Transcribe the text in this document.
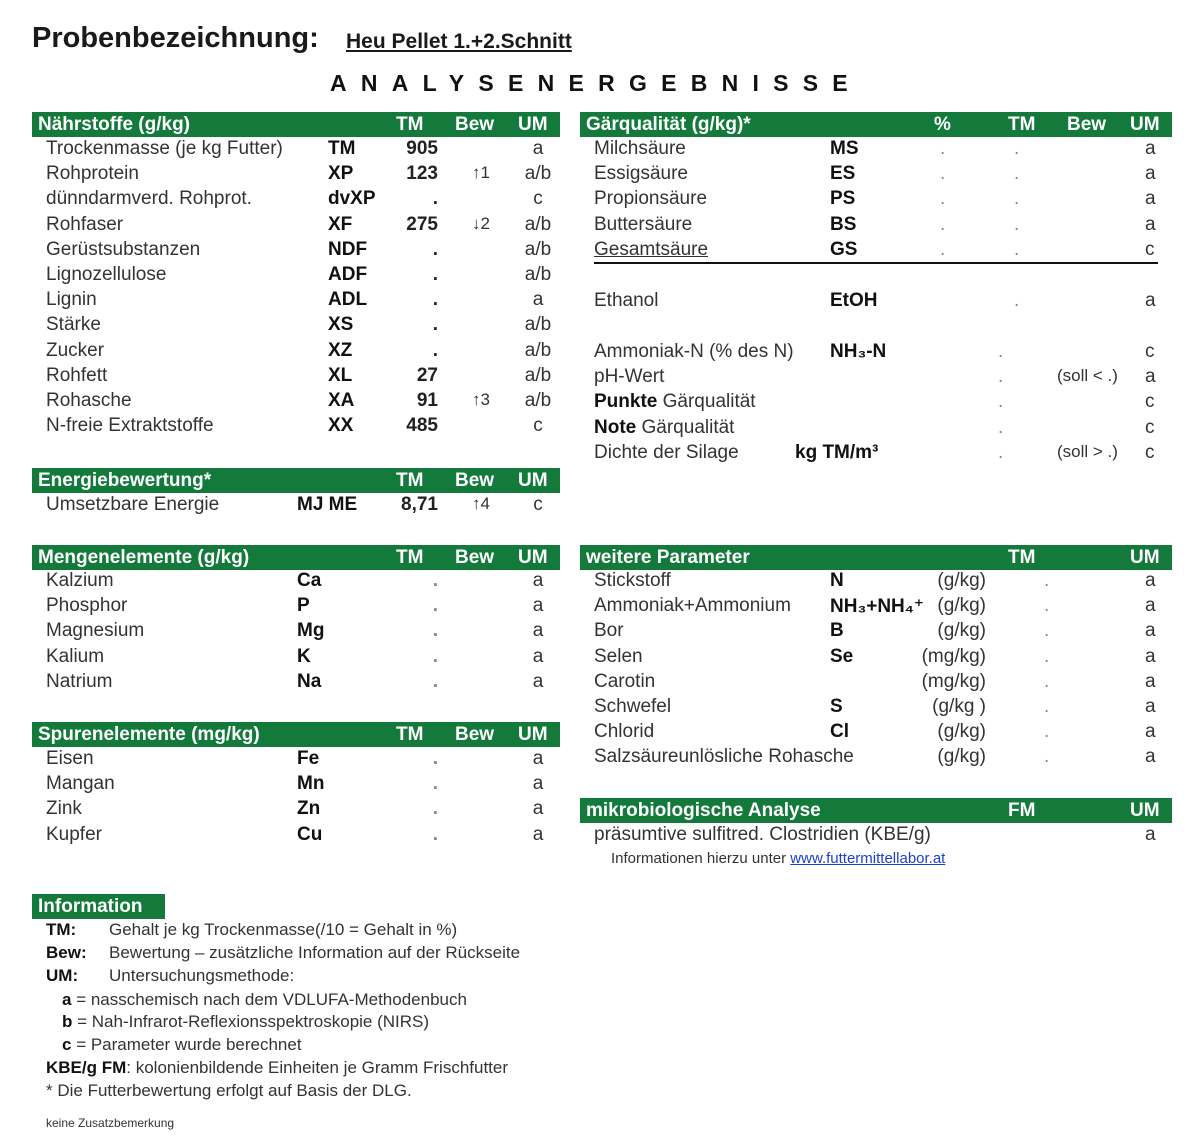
Probenbezeichnung: Heu Pellet 1.+2.Schnitt
ANALYSENERGEBNISSE
Nährstoffe (g/kg)	TM Bew UM
Trockenmasse (je kg Futter) TM	905	a
Rohprotein	XP	123 ↑1 a/b
dünndarmverd. Rohprot.	dvXP	.	c
Rohfaser	XF	275 ↓2 a/b
Gerüstsubstanzen	NDF	.	a/b
Lignozellulose	ADF	.	a/b
Lignin	ADL	.	a
Stärke	XS	.	a/b
Zucker	XZ	.	a/b
Rohfett	XL	27	a/b
Rohasche	XA	91 ↑3 a/b
N-freie Extraktstoffe	XX	485	c
Energiebewertung*	TM Bew UM
Umsetzbare Energie	MJ ME	8,71 ↑4	c
Mengenelemente (g/kg)	TM Bew UM
Kalzium	Ca	.	a
Phosphor	P	.	a
Magnesium	Mg	.	a
Kalium	K	.	a
Natrium	Na	.	a
Spurenelemente (mg/kg)	TM Bew UM
Eisen	Fe	.	a
Mangan	Mn	.	a
Zink	Zn	.	a
Kupfer	Cu	.	a
Gärqualität (g/kg)*	%	TM Bew UM
Milchsäure	MS	.	.	a
Essigsäure	ES	.	.	a
Propionsäure	PS	.	.	a
Buttersäure	BS	.	.	a
Gesamtsäure	GS	.	.	c
Ethanol	EtOH	.	a
Ammoniak-N (% des N) NH₃-N	.	c
pH-Wert	.	(soll < .) a
Punkte Gärqualität	.	c
Note Gärqualität	.	c
Dichte der Silage	kg TM/m³	.	(soll > .) c
weitere Parameter	TM	UM
Stickstoff	N	(g/kg)	.	a
Ammoniak+Ammonium NH₃+NH₄⁺ (g/kg)	.	a
Bor	B	(g/kg)	.	a
Selen	Se	(mg/kg)	.	a
Carotin	(mg/kg)	.	a
Schwefel	S	(g/kg )	.	a
Chlorid	Cl	(g/kg)	.	a
Salzsäureunlösliche Rohasche	(g/kg)	.	a
mikrobiologische Analyse	FM	UM
präsumtive sulfitred. Clostridien (KBE/g)	a
Informationen hierzu unter www.futtermittellabor.at
Information
TM: Gehalt je kg Trockenmasse(/10 = Gehalt in %)
Bew: Bewertung – zusätzliche Information auf der Rückseite
UM: Untersuchungsmethode:
a = nasschemisch nach dem VDLUFA-Methodenbuch
b = Nah-Infrarot-Reflexionsspektroskopie (NIRS)
c = Parameter wurde berechnet
KBE/g FM: kolonienbildende Einheiten je Gramm Frischfutter
* Die Futterbewertung erfolgt auf Basis der DLG.
keine Zusatzbemerkung
